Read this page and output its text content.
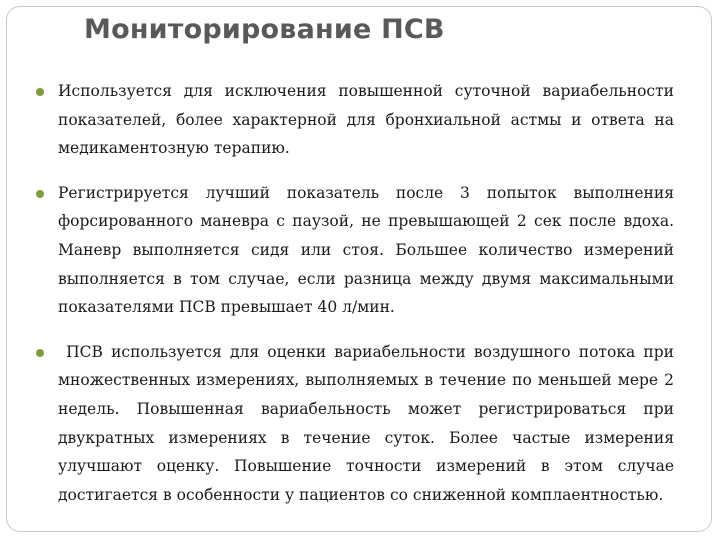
Мониторирование ПСВ
Используется для исключения повышенной суточной вариабельности показателей, более характерной для бронхиальной астмы и ответа на медикаментозную терапию.
Регистрируется лучший показатель после 3 попыток выполнения форсированного маневра с паузой, не превышающей 2 сек после вдоха. Маневр выполняется сидя или стоя. Большее количество измерений выполняется в том случае, если разница между двумя максимальными показателями ПСВ превышает 40 л/мин.
ПСВ используется для оценки вариабельности воздушного потока при множественных измерениях, выполняемых в течение по меньшей мере 2 недель. Повышенная вариабельность может регистрироваться при двукратных измерениях в течение суток. Более частые измерения улучшают оценку. Повышение точности измерений в этом случае достигается в особенности у пациентов со сниженной комплаентностью.
